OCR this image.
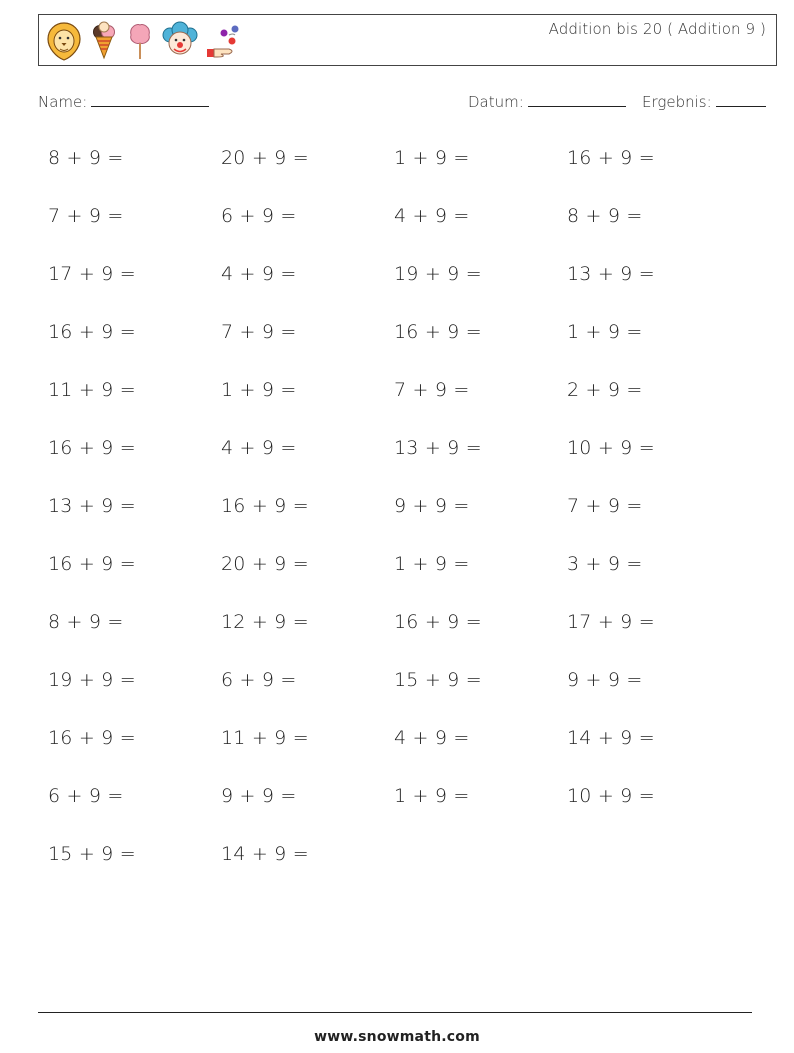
Addition bis 20 ( Addition 9 )
Name:	Datum:	Ergebnis:
8 + 9 =	20 + 9 =	1 + 9 =	16 + 9 =
7 + 9 =	6 + 9 =	4 + 9 =	8 + 9 =
17 + 9 =	4 + 9 =	19 + 9 =	13 + 9 =
16 + 9 =	7 + 9 =	16 + 9 =	1 + 9 =
11 + 9 =	1 + 9 =	7 + 9 =	2 + 9 =
16 + 9 =	4 + 9 =	13 + 9 =	10 + 9 =
13 + 9 =	16 + 9 =	9 + 9 =	7 + 9 =
16 + 9 =	20 + 9 =	1 + 9 =	3 + 9 =
8 + 9 =	12 + 9 =	16 + 9 =	17 + 9 =
19 + 9 =	6 + 9 =	15 + 9 =	9 + 9 =
16 + 9 =	11 + 9 =	4 + 9 =	14 + 9 =
6 + 9 =	9 + 9 =	1 + 9 =	10 + 9 =
15 + 9 =	14 + 9 =
www.snowmath.com
